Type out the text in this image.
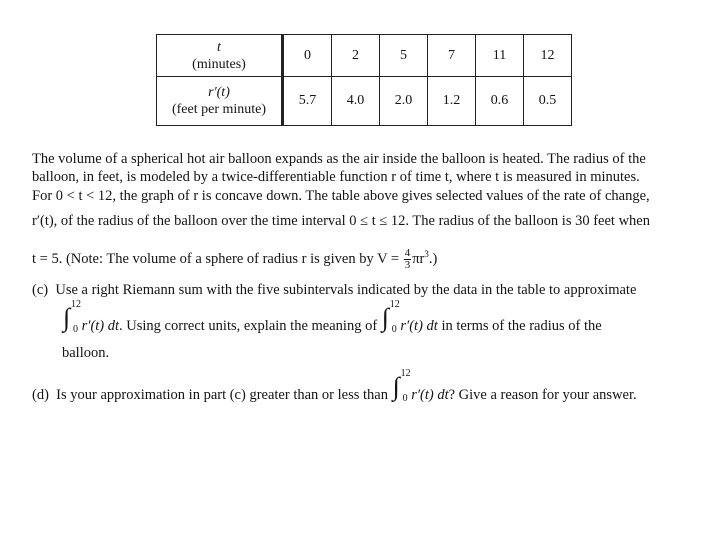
t
(minutes)	0	2	5	7	11	12
r′(t)
(feet per minute)	5.7	4.0	2.0	1.2	0.6	0.5
The volume of a spherical hot air balloon expands as the air inside the balloon is heated. The radius of the
balloon, in feet, is modeled by a twice-differentiable function r of time t, where t is measured in minutes.
For 0 < t < 12, the graph of r is concave down. The table above gives selected values of the rate of change,
r′(t), of the radius of the balloon over the time interval 0 ≤ t ≤ 12. The radius of the balloon is 30 feet when
t = 5. (Note: The volume of a sphere of radius r is given by $V = \frac{4}{3} \pi r^3$.)
(c) Use a right Riemann sum with the five subintervals indicated by the data in the table to approximate
∫ 12
0 r′(t) dt. Using correct units, explain the meaning of ∫ 12
0 r′(t) dt in terms of the radius of the
balloon.
(d) Is your approximation in part (c) greater than or less than ∫ 12
0 r′(t) dt? Give a reason for your answer.
